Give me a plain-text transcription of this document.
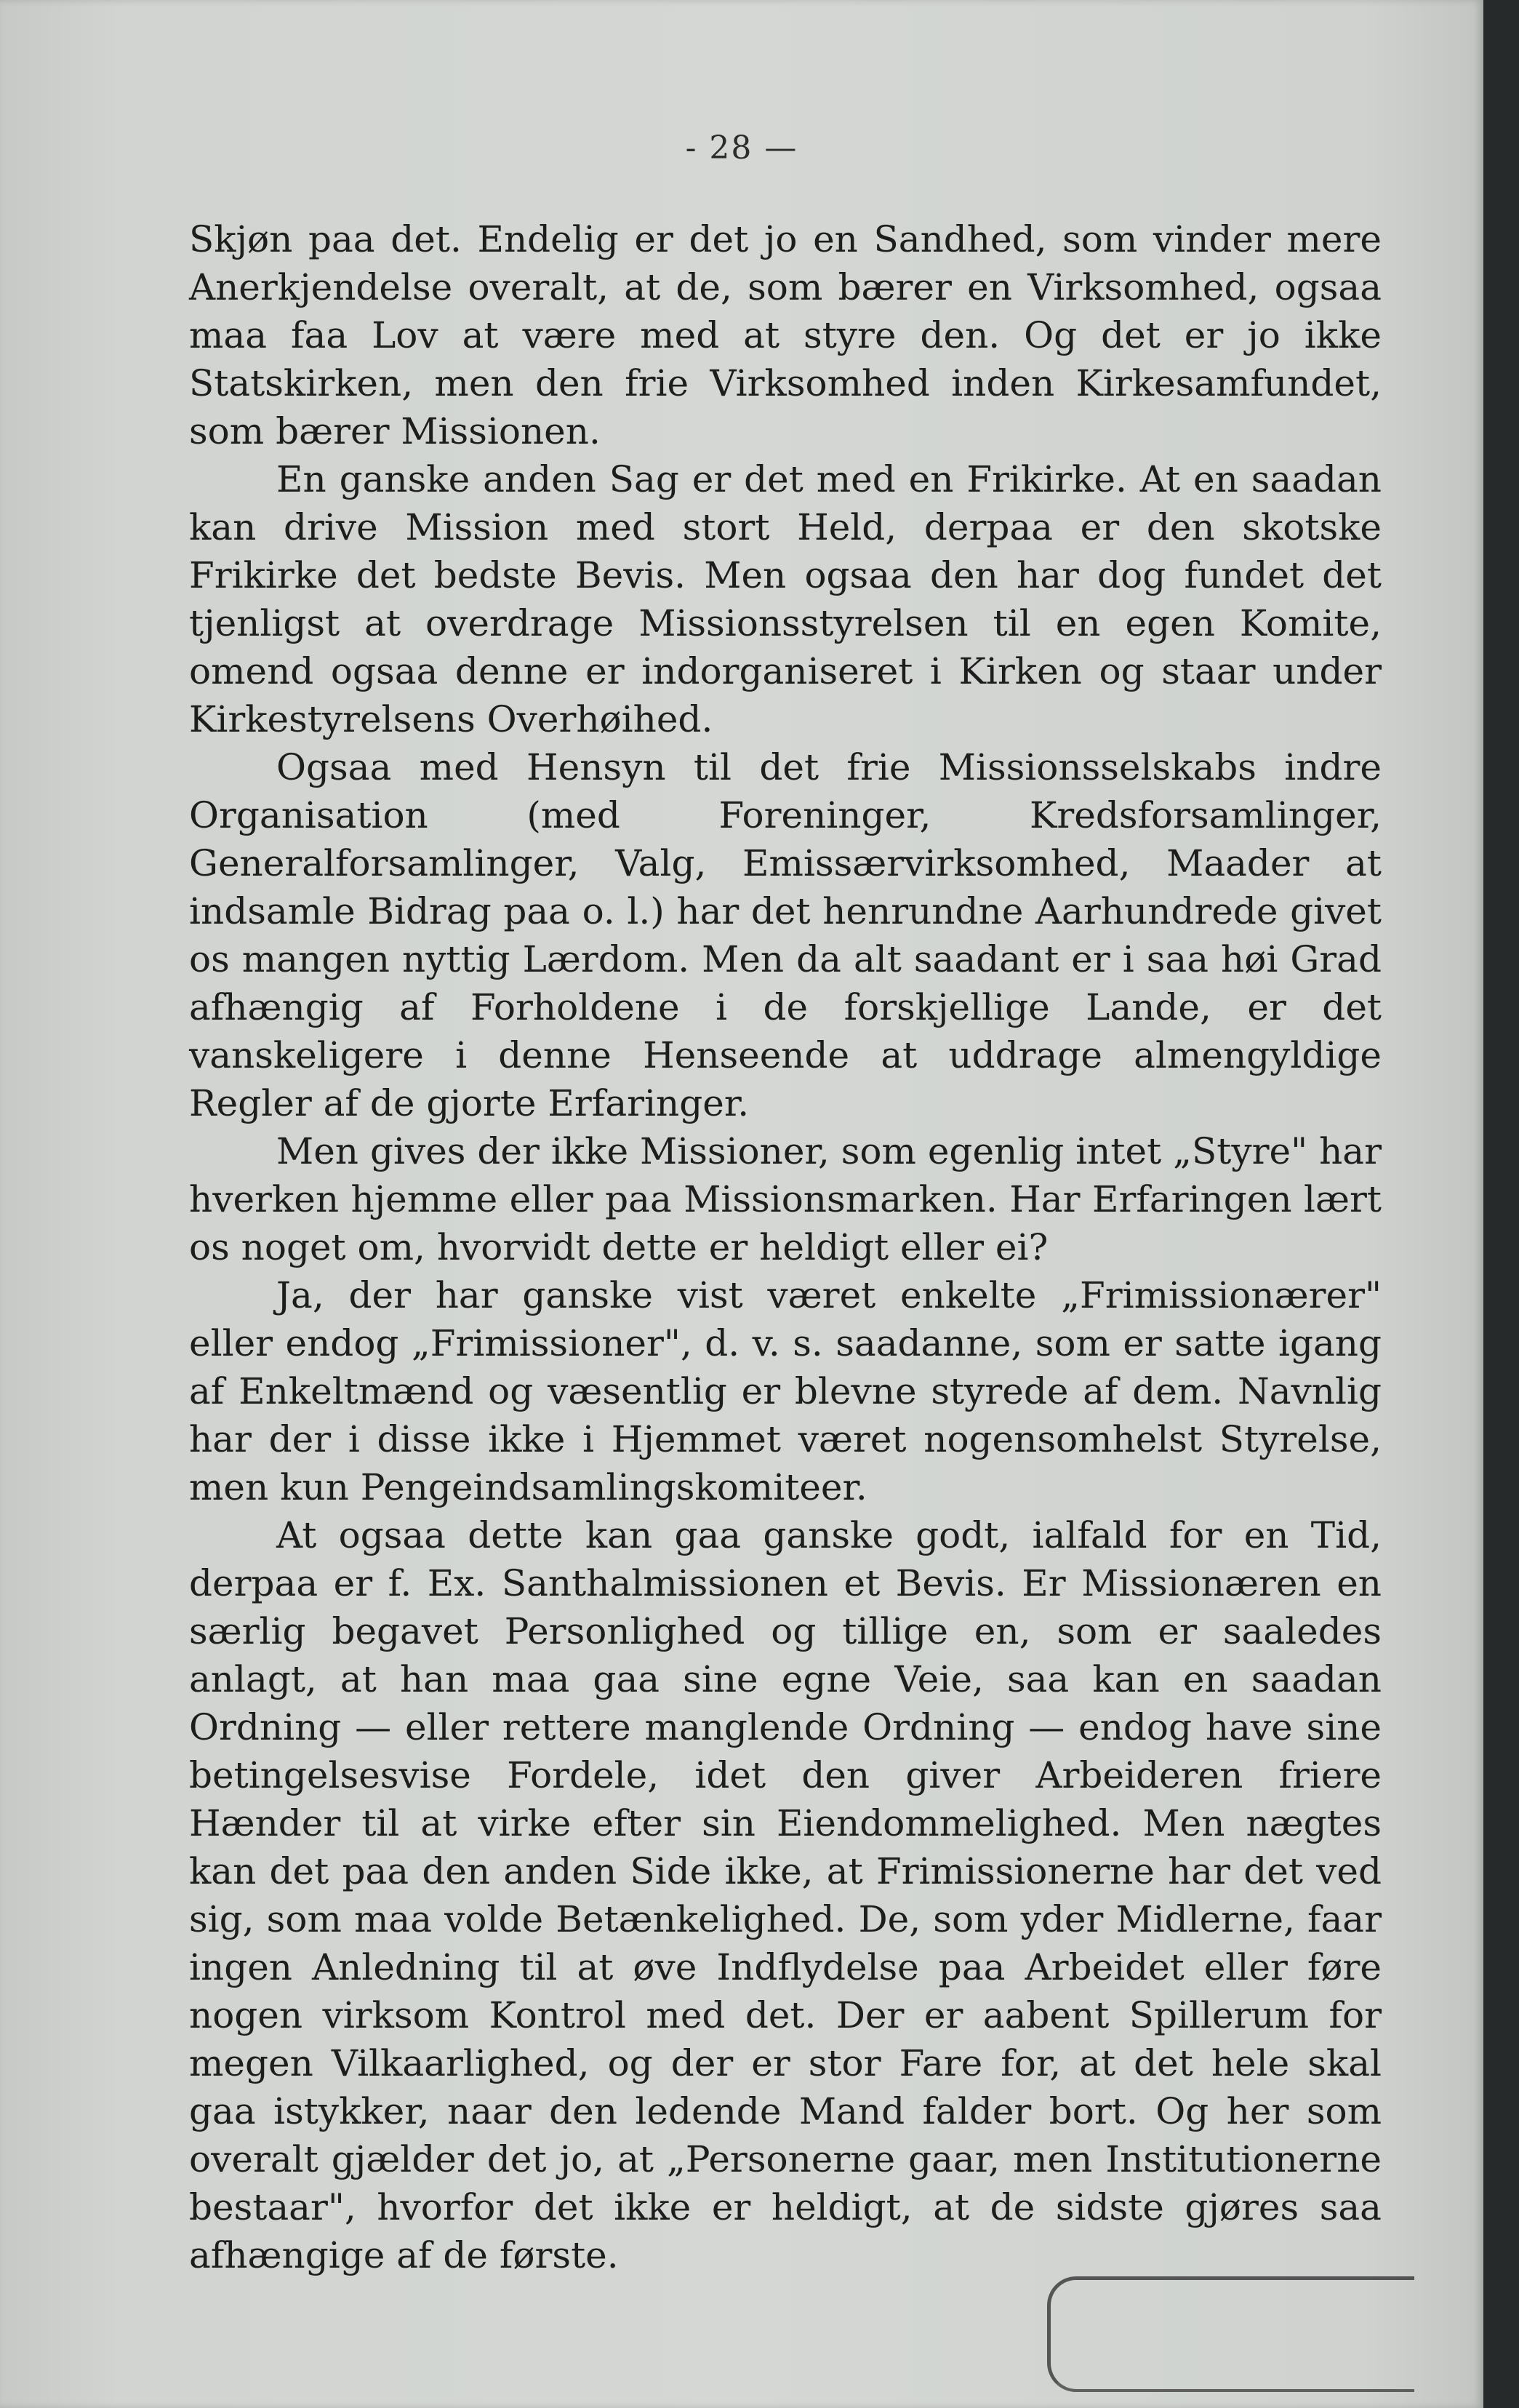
- 28 —

Skjøn paa det. Endelig er det jo en Sandhed, som vinder mere Anerkjendelse overalt, at de, som bærer en Virksomhed, ogsaa maa faa Lov at være med at styre den. Og det er jo ikke Statskirken, men den frie Virksomhed inden Kirkesamfundet, som bærer Missionen.

En ganske anden Sag er det med en Frikirke. At en saadan kan drive Mission med stort Held, derpaa er den skotske Frikirke det bedste Bevis. Men ogsaa den har dog fundet det tjenligst at overdrage Missionsstyrelsen til en egen Komite, omend ogsaa denne er indorganiseret i Kirken og staar under Kirkestyrelsens Overhøihed.

Ogsaa med Hensyn til det frie Missionsselskabs indre Organisation (med Foreninger, Kredsforsamlinger, Generalforsamlinger, Valg, Emissærvirksomhed, Maader at indsamle Bidrag paa o. l.) har det henrundne Aarhundrede givet os mangen nyttig Lærdom. Men da alt saadant er i saa høi Grad afhængig af Forholdene i de forskjellige Lande, er det vanskeligere i denne Henseende at uddrage almengyldige Regler af de gjorte Erfaringer.

Men gives der ikke Missioner, som egenlig intet „Styre" har hverken hjemme eller paa Missionsmarken. Har Erfaringen lært os noget om, hvorvidt dette er heldigt eller ei?

Ja, der har ganske vist været enkelte „Frimissionærer" eller endog „Frimissioner", d. v. s. saadanne, som er satte igang af Enkeltmænd og væsentlig er blevne styrede af dem. Navnlig har der i disse ikke i Hjemmet været nogensomhelst Styrelse, men kun Pengeindsamlingskomiteer.

At ogsaa dette kan gaa ganske godt, ialfald for en Tid, derpaa er f. Ex. Santhalmissionen et Bevis. Er Missionæren en særlig begavet Personlighed og tillige en, som er saaledes anlagt, at han maa gaa sine egne Veie, saa kan en saadan Ordning — eller rettere manglende Ordning — endog have sine betingelsesvise Fordele, idet den giver Arbeideren friere Hænder til at virke efter sin Eiendommelighed. Men nægtes kan det paa den anden Side ikke, at Frimissionerne har det ved sig, som maa volde Betænkelighed. De, som yder Midlerne, faar ingen Anledning til at øve Indflydelse paa Arbeidet eller føre nogen virksom Kontrol med det. Der er aabent Spillerum for megen Vilkaarlighed, og der er stor Fare for, at det hele skal gaa istykker, naar den ledende Mand falder bort. Og her som overalt gjælder det jo, at „Personerne gaar, men Institutionerne bestaar", hvorfor det ikke er heldigt, at de sidste gjøres saa afhængige af de første.
